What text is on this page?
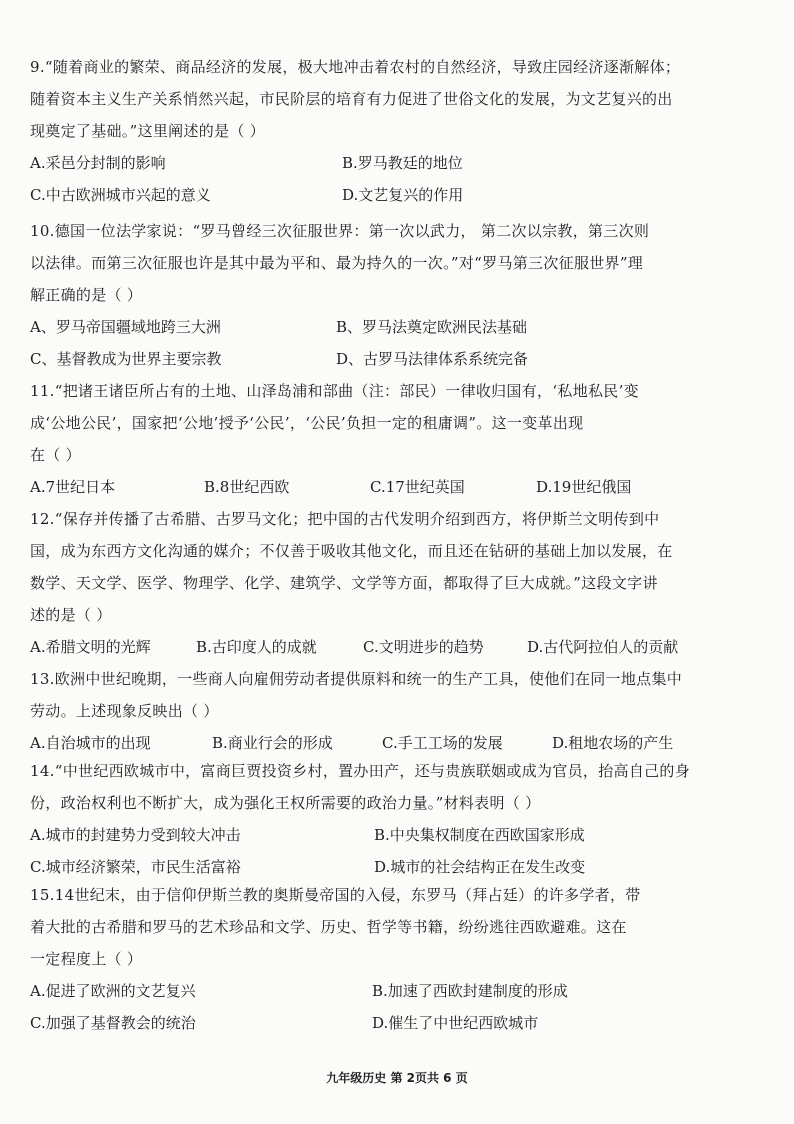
9.“随着商业的繁荣、商品经济的发展，极大地冲击着农村的自然经济，导致庄园经济逐渐解体；
随着资本主义生产关系悄然兴起，市民阶层的培育有力促进了世俗文化的发展，为文艺复兴的出
现奠定了基础。”这里阐述的是（ ）
A.采邑分封制的影响	B.罗马教廷的地位
C.中古欧洲城市兴起的意义	D.文艺复兴的作用
10.德国一位法学家说：“罗马曾经三次征服世界：第一次以武力， 第二次以宗教，第三次则
以法律。而第三次征服也许是其中最为平和、最为持久的一次。”对“罗马第三次征服世界”理
解正确的是（ ）
A、罗马帝国疆域地跨三大洲	B、罗马法奠定欧洲民法基础
C、基督教成为世界主要宗教	D、古罗马法律体系系统完备
11.“把诸王诸臣所占有的土地、山泽岛浦和部曲（注：部民）一律收归国有，‘私地私民’变
成‘公地公民’，国家把‘公地’授予‘公民’，‘公民’负担一定的租庸调”。这一变革出现
在（ ）
A.7世纪日本	B.8世纪西欧	C.17世纪英国	D.19世纪俄国
12.“保存并传播了古希腊、古罗马文化；把中国的古代发明介绍到西方，将伊斯兰文明传到中
国，成为东西方文化沟通的媒介；不仅善于吸收其他文化，而且还在钻研的基础上加以发展，在
数学、天文学、医学、物理学、化学、建筑学、文学等方面，都取得了巨大成就。”这段文字讲
述的是（ ）
A.希腊文明的光辉	B.古印度人的成就	C.文明进步的趋势	D.古代阿拉伯人的贡献
13.欧洲中世纪晚期，一些商人向雇佣劳动者提供原料和统一的生产工具，使他们在同一地点集中
劳动。上述现象反映出（ ）
A.自治城市的出现	B.商业行会的形成	C.手工工场的发展	D.租地农场的产生
14.“中世纪西欧城市中，富商巨贾投资乡村，置办田产，还与贵族联姻或成为官员，抬高自己的身
份，政治权利也不断扩大，成为强化王权所需要的政治力量。”材料表明（ ）
A.城市的封建势力受到较大冲击	B.中央集权制度在西欧国家形成
C.城市经济繁荣，市民生活富裕	D.城市的社会结构正在发生改变
15.14世纪末，由于信仰伊斯兰教的奥斯曼帝国的入侵，东罗马（拜占廷）的许多学者，带
着大批的古希腊和罗马的艺术珍品和文学、历史、哲学等书籍，纷纷逃往西欧避难。这在
一定程度上（ ）
A.促进了欧洲的文艺复兴	B.加速了西欧封建制度的形成
C.加强了基督教会的统治	D.催生了中世纪西欧城市
九年级历史 第 2页共 6 页
